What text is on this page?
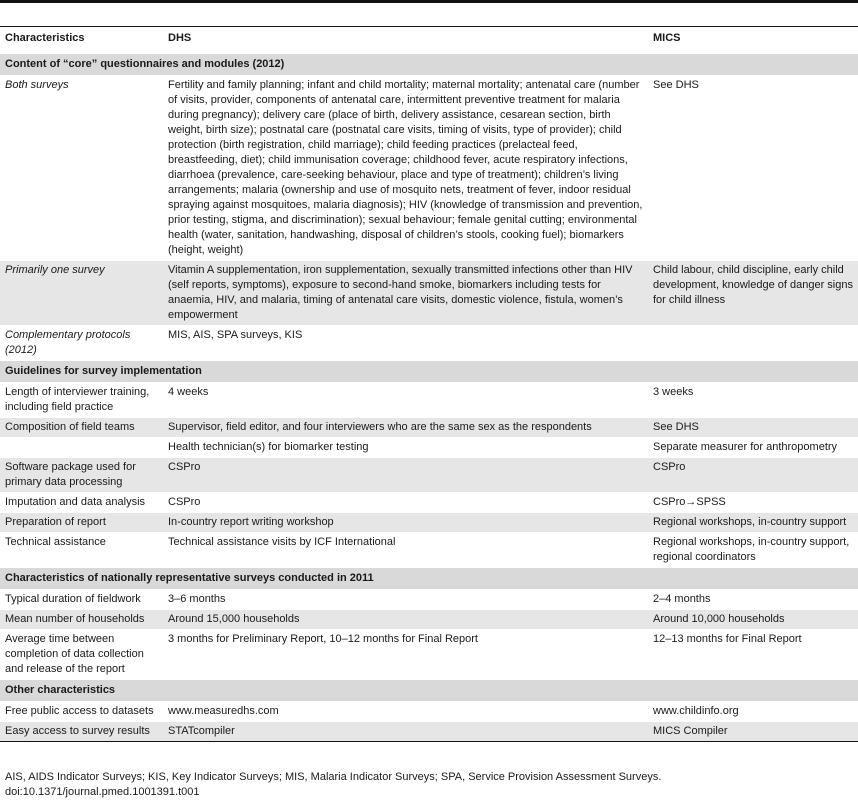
Characteristics	DHS	MICS
Content of “core” questionnaires and modules (2012)		
Both surveys	Fertility and family planning; infant and child mortality; maternal mortality; antenatal care (number of visits, provider, components of antenatal care, intermittent preventive treatment for malaria during pregnancy); delivery care (place of birth, delivery assistance, cesarean section, birth weight, birth size); postnatal care (postnatal care visits, timing of visits, type of provider); child protection (birth registration, child marriage); child feeding practices (prelacteal feed, breastfeeding, diet); child immunisation coverage; childhood fever, acute respiratory infections, diarrhoea (prevalence, care-seeking behaviour, place and type of treatment); children’s living arrangements; malaria (ownership and use of mosquito nets, treatment of fever, indoor residual spraying against mosquitoes, malaria diagnosis); HIV (knowledge of transmission and prevention, prior testing, stigma, and discrimination); sexual behaviour; female genital cutting; environmental health (water, sanitation, handwashing, disposal of children’s stools, cooking fuel); biomarkers (height, weight)	See DHS
Primarily one survey	Vitamin A supplementation, iron supplementation, sexually transmitted infections other than HIV (self reports, symptoms), exposure to second-hand smoke, biomarkers including tests for anaemia, HIV, and malaria, timing of antenatal care visits, domestic violence, fistula, women’s empowerment	Child labour, child discipline, early child development, knowledge of danger signs for child illness
Complementary protocols (2012)	MIS, AIS, SPA surveys, KIS	
Guidelines for survey implementation		
Length of interviewer training, including field practice	4 weeks	3 weeks
Composition of field teams	Supervisor, field editor, and four interviewers who are the same sex as the respondents	See DHS
	Health technician(s) for biomarker testing	Separate measurer for anthropometry
Software package used for primary data processing	CSPro	CSPro
Imputation and data analysis	CSPro	CSPro→SPSS
Preparation of report	In-country report writing workshop	Regional workshops, in-country support
Technical assistance	Technical assistance visits by ICF International	Regional workshops, in-country support, regional coordinators
Characteristics of nationally representative surveys conducted in 2011		
Typical duration of fieldwork	3–6 months	2–4 months
Mean number of households	Around 15,000 households	Around 10,000 households
Average time between completion of data collection and release of the report	3 months for Preliminary Report, 10–12 months for Final Report	12–13 months for Final Report
Other characteristics		
Free public access to datasets	www.measuredhs.com	www.childinfo.org
Easy access to survey results	STATcompiler	MICS Compiler
AIS, AIDS Indicator Surveys; KIS, Key Indicator Surveys; MIS, Malaria Indicator Surveys; SPA, Service Provision Assessment Surveys.
doi:10.1371/journal.pmed.1001391.t001
